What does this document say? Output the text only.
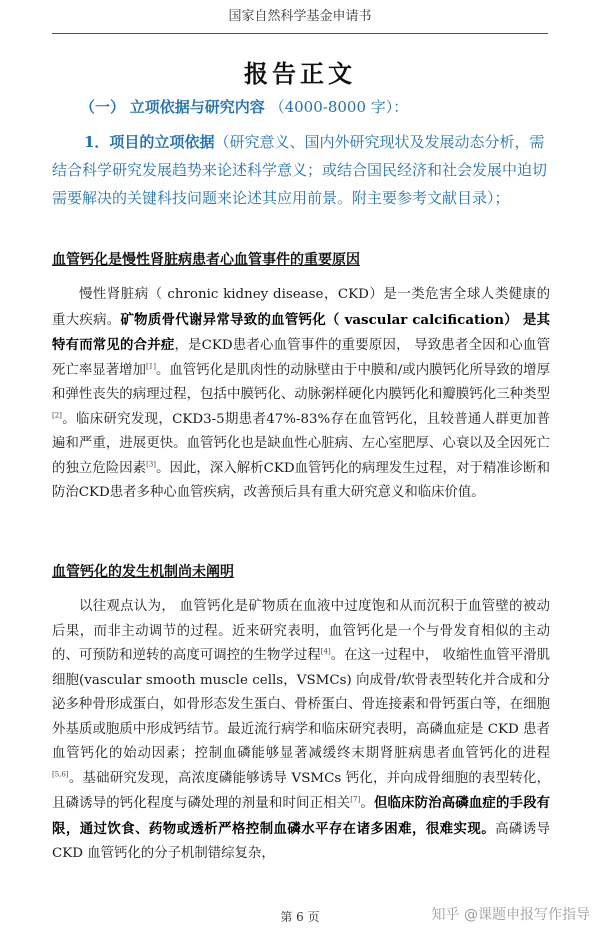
国家自然科学基金申请书
报告正文
（一） 立项依据与研究内容 （4000-8000 字）：
1．项目的立项依据（研究意义、国内外研究现状及发展动态分析，需结合科学研究发展趋势来论述科学意义；或结合国民经济和社会发展中迫切需要解决的关键科技问题来论述其应用前景。附主要参考文献目录）；
血管钙化是慢性肾脏病患者心血管事件的重要原因
慢性肾脏病（ chronic kidney disease，CKD）是一类危害全球人类健康的重大疾病。矿物质骨代谢异常导致的血管钙化（ vascular calcification） 是其特有而常见的合并症，是CKD患者心血管事件的重要原因， 导致患者全因和心血管死亡率显著增加[1]。血管钙化是肌肉性的动脉壁由于中膜和/或内膜钙化所导致的增厚和弹性丧失的病理过程，包括中膜钙化、动脉粥样硬化内膜钙化和瓣膜钙化三种类型[2]。临床研究发现，CKD3-5期患者47%-83%存在血管钙化，且较普通人群更加普遍和严重，进展更快。血管钙化也是缺血性心脏病、左心室肥厚、心衰以及全因死亡的独立危险因素[3]。因此，深入解析CKD血管钙化的病理发生过程，对于精准诊断和防治CKD患者多种心血管疾病，改善预后具有重大研究意义和临床价值。
血管钙化的发生机制尚未阐明
以往观点认为， 血管钙化是矿物质在血液中过度饱和从而沉积于血管壁的被动后果，而非主动调节的过程。近来研究表明，血管钙化是一个与骨发育相似的主动的、可预防和逆转的高度可调控的生物学过程[4]。在这一过程中， 收缩性血管平滑肌细胞(vascular smooth muscle cells，VSMCs) 向成骨/软骨表型转化并合成和分泌多种骨形成蛋白，如骨形态发生蛋白、骨桥蛋白、骨连接素和骨钙蛋白等，在细胞外基质或胞质中形成钙结节。最近流行病学和临床研究表明，高磷血症是 CKD 患者血管钙化的始动因素；控制血磷能够显著减缓终末期肾脏病患者血管钙化的进程[5,6]。基础研究发现，高浓度磷能够诱导 VSMCs 钙化，并向成骨细胞的表型转化，且磷诱导的钙化程度与磷处理的剂量和时间正相关[7]。但临床防治高磷血症的手段有限，通过饮食、药物或透析严格控制血磷水平存在诸多困难，很难实现。高磷诱导 CKD 血管钙化的分子机制错综复杂，
第 6 页	知乎 @课题申报写作指导
